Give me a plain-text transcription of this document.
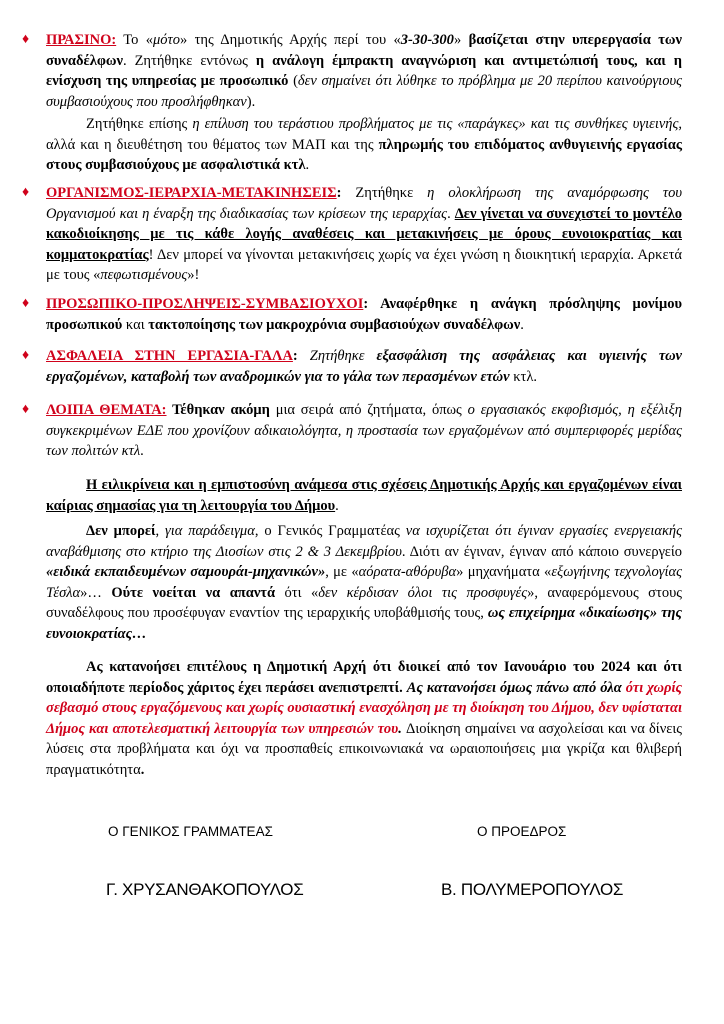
♦ ΠΡΑΣΙΝΟ: Το «μότο» της Δημοτικής Αρχής περί του «3-30-300» βασίζεται στην υπερεργασία των συναδέλφων. Ζητήθηκε εντόνως η ανάλογη έμπρακτη αναγνώριση και αντιμετώπισή τους, και η ενίσχυση της υπηρεσίας με προσωπικό (δεν σημαίνει ότι λύθηκε το πρόβλημα με 20 περίπου καινούργιους συμβασιούχους που προσλήφθηκαν).
Ζητήθηκε επίσης η επίλυση του τεράστιου προβλήματος με τις «παράγκες» και τις συνθήκες υγιεινής, αλλά και η διευθέτηση του θέματος των ΜΑΠ και της πληρωμής του επιδόματος ανθυγιεινής εργασίας στους συμβασιούχους με ασφαλιστικά κτλ.
♦ ΟΡΓΑΝΙΣΜΟΣ-ΙΕΡΑΡΧΙΑ-ΜΕΤΑΚΙΝΗΣΕΙΣ: Ζητήθηκε η ολοκλήρωση της αναμόρφωσης του Οργανισμού και η έναρξη της διαδικασίας των κρίσεων της ιεραρχίας. Δεν γίνεται να συνεχιστεί το μοντέλο κακοδιοίκησης με τις κάθε λογής αναθέσεις και μετακινήσεις με όρους ευνοιοκρατίας και κομματοκρατίας! Δεν μπορεί να γίνονται μετακινήσεις χωρίς να έχει γνώση η διοικητική ιεραρχία. Αρκετά με τους «πεφωτισμένους»!
♦ ΠΡΟΣΩΠΙΚΟ-ΠΡΟΣΛΗΨΕΙΣ-ΣΥΜΒΑΣΙΟΥΧΟΙ: Αναφέρθηκε η ανάγκη πρόσληψης μονίμου προσωπικού και τακτοποίησης των μακροχρόνια συμβασιούχων συναδέλφων.
♦ ΑΣΦΑΛΕΙΑ ΣΤΗΝ ΕΡΓΑΣΙΑ-ΓΑΛΑ: Ζητήθηκε εξασφάλιση της ασφάλειας και υγιεινής των εργαζομένων, καταβολή των αναδρομικών για το γάλα των περασμένων ετών κτλ.
♦ ΛΟΙΠΑ ΘΕΜΑΤΑ: Τέθηκαν ακόμη μια σειρά από ζητήματα, όπως ο εργασιακός εκφοβισμός, η εξέλιξη συγκεκριμένων ΕΔΕ που χρονίζουν αδικαιολόγητα, η προστασία των εργαζομένων από συμπεριφορές μερίδας των πολιτών κτλ.
Η ειλικρίνεια και η εμπιστοσύνη ανάμεσα στις σχέσεις Δημοτικής Αρχής και εργαζομένων είναι καίριας σημασίας για τη λειτουργία του Δήμου.
Δεν μπορεί, για παράδειγμα, ο Γενικός Γραμματέας να ισχυρίζεται ότι έγιναν εργασίες ενεργειακής αναβάθμισης στο κτήριο της Διοσίων στις 2 & 3 Δεκεμβρίου. Διότι αν έγιναν, έγιναν από κάποιο συνεργείο «ειδικά εκπαιδευμένων σαμουράι-μηχανικών», με «αόρατα-αθόρυβα» μηχανήματα «εξωγήινης τεχνολογίας Τέσλα»… Ούτε νοείται να απαντά ότι «δεν κέρδισαν όλοι τις προσφυγές», αναφερόμενους στους συναδέλφους που προσέφυγαν εναντίον της ιεραρχικής υποβάθμισής τους, ως επιχείρημα «δικαίωσης» της ευνοιοκρατίας…
Ας κατανοήσει επιτέλους η Δημοτική Αρχή ότι διοικεί από τον Ιανουάριο του 2024 και ότι οποιαδήποτε περίοδος χάριτος έχει περάσει ανεπιστρεπτί. Ας κατανοήσει όμως πάνω από όλα ότι χωρίς σεβασμό στους εργαζόμενους και χωρίς ουσιαστική ενασχόληση με τη διοίκηση του Δήμου, δεν υφίσταται Δήμος και αποτελεσματική λειτουργία των υπηρεσιών του. Διοίκηση σημαίνει να ασχολείσαι και να δίνεις λύσεις στα προβλήματα και όχι να προσπαθείς επικοινωνιακά να ωραιοποιήσεις μια γκρίζα και θλιβερή πραγματικότητα.
Ο ΓΕΝΙΚΟΣ ΓΡΑΜΜΑΤΕΑΣ	Ο ΠΡΟΕΔΡΟΣ
Γ. ΧΡΥΣΑΝΘΑΚΟΠΟΥΛΟΣ	Β. ΠΟΛΥΜΕΡΟΠΟΥΛΟΣ
